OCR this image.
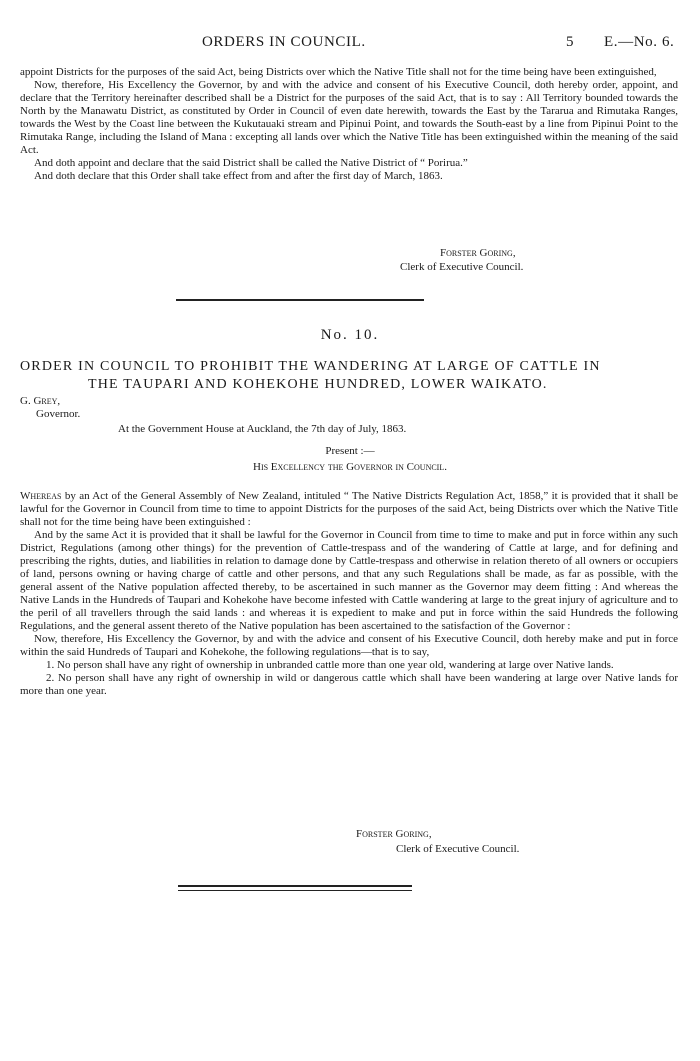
ORDERS IN COUNCIL.	5 E.—No. 6.

appoint Districts for the purposes of the said Act, being Districts over which the Native Title shall not for the time being have been extinguished,

Now, therefore, His Excellency the Governor, by and with the advice and consent of his Executive Council, doth hereby order, appoint, and declare that the Territory hereinafter described shall be a District for the purposes of the said Act, that is to say : All Territory bounded towards the North by the Manawatu District, as constituted by Order in Council of even date herewith, towards the East by the Tararua and Rimutaka Ranges, towards the West by the Coast line between the Kukutauaki stream and Pipinui Point, and towards the South-east by a line from Pipinui Point to the Rimutaka Range, including the Island of Mana : excepting all lands over which the Native Title has been extinguished within the meaning of the said Act.

And doth appoint and declare that the said District shall be called the Native District of “ Porirua.”

And doth declare that this Order shall take effect from and after the first day of March, 1863.

Forster Goring,
Clerk of Executive Council.
No. 10.
ORDER IN COUNCIL TO PROHIBIT THE WANDERING AT LARGE OF CATTLE IN
THE TAUPARI AND KOHEKOHE HUNDRED, LOWER WAIKATO.
G. Grey,
Governor.
At the Government House at Auckland, the 7th day of July, 1863.
Present :—
His Excellency the Governor in Council.

Whereas by an Act of the General Assembly of New Zealand, intituled “ The Native Districts Regulation Act, 1858,” it is provided that it shall be lawful for the Governor in Council from time to time to appoint Districts for the purposes of the said Act, being Districts over which the Native Title shall not for the time being have been extinguished :

And by the same Act it is provided that it shall be lawful for the Governor in Council from time to time to make and put in force within any such District, Regulations (among other things) for the prevention of Cattle-trespass and of the wandering of Cattle at large, and for defining and prescribing the rights, duties, and liabilities in relation to damage done by Cattle-trespass and otherwise in relation thereto of all owners or occupiers of land, persons owning or having charge of cattle and other persons, and that any such Regulations shall be made, as far as possible, with the general assent of the Native population affected thereby, to be ascertained in such manner as the Governor may deem fitting : And whereas the Native Lands in the Hundreds of Taupari and Kohekohe have become infested with Cattle wandering at large to the great injury of agriculture and to the peril of all travellers through the said lands : and whereas it is expedient to make and put in force within the said Hundreds the following Regulations, and the general assent thereto of the Native population has been ascertained to the satisfaction of the Governor :

Now, therefore, His Excellency the Governor, by and with the advice and consent of his Executive Council, doth hereby make and put in force within the said Hundreds of Taupari and Kohekohe, the following regulations—that is to say,

1. No person shall have any right of ownership in unbranded cattle more than one year old, wandering at large over Native lands.

2. No person shall have any right of ownership in wild or dangerous cattle which shall have been wandering at large over Native lands for more than one year.

Forster Goring,
Clerk of Executive Council.
